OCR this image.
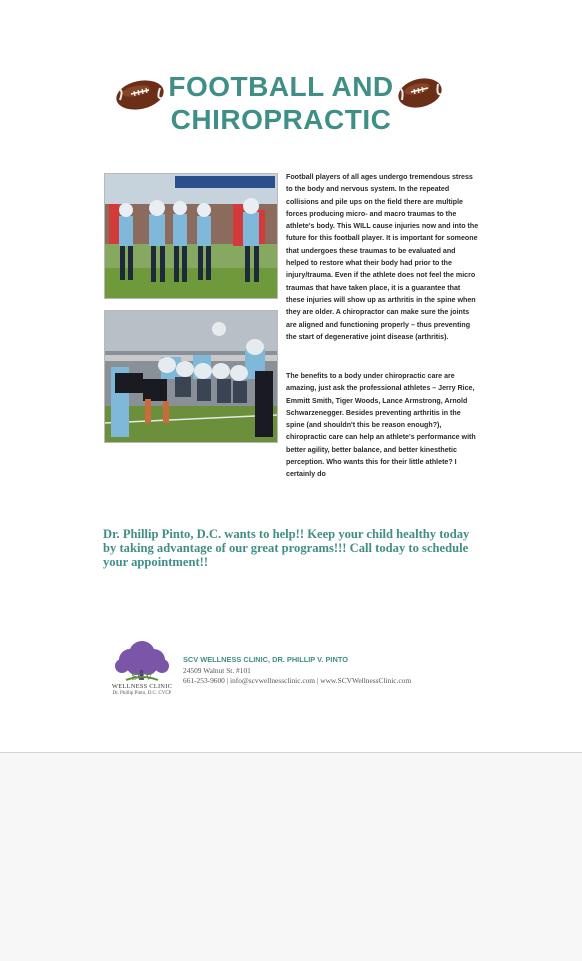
FOOTBALL AND
CHIROPRACTIC

Football players of all ages undergo tremendous stress to the body and nervous system. In the repeated collisions and pile ups on the field there are multiple forces producing micro- and macro traumas to the athlete's body. This WILL cause injuries now and into the future for this football player. It is important for someone that undergoes these traumas to be evaluated and helped to restore what their body had prior to the injury/trauma. Even if the athlete does not feel the micro traumas that have taken place, it is a guarantee that these injuries will show up as arthritis in the spine when they are older. A chiropractor can make sure the joints are aligned and functioning properly – thus preventing the start of degenerative joint disease (arthritis).

The benefits to a body under chiropractic care are amazing, just ask the professional athletes – Jerry Rice, Emmitt Smith, Tiger Woods, Lance Armstrong, Arnold Schwarzenegger. Besides preventing arthritis in the spine (and shouldn't this be reason enough?), chiropractic care can help an athlete's performance with better agility, better balance, and better kinesthetic perception. Who wants this for their little athlete? I certainly do

Dr. Phillip Pinto, D.C. wants to help!! Keep your child healthy today by taking advantage of our great programs!!! Call today to schedule your appointment!!

SCV
WELLNESS CLINIC
Dr. Phillip Pinto, D.C. CVCP
SCV WELLNESS CLINIC, DR. PHILLIP V. PINTO
24509 Walnut St. #101
661-253-9600 | info@scvwellnessclinic.com | www.SCVWellnessClinic.com
